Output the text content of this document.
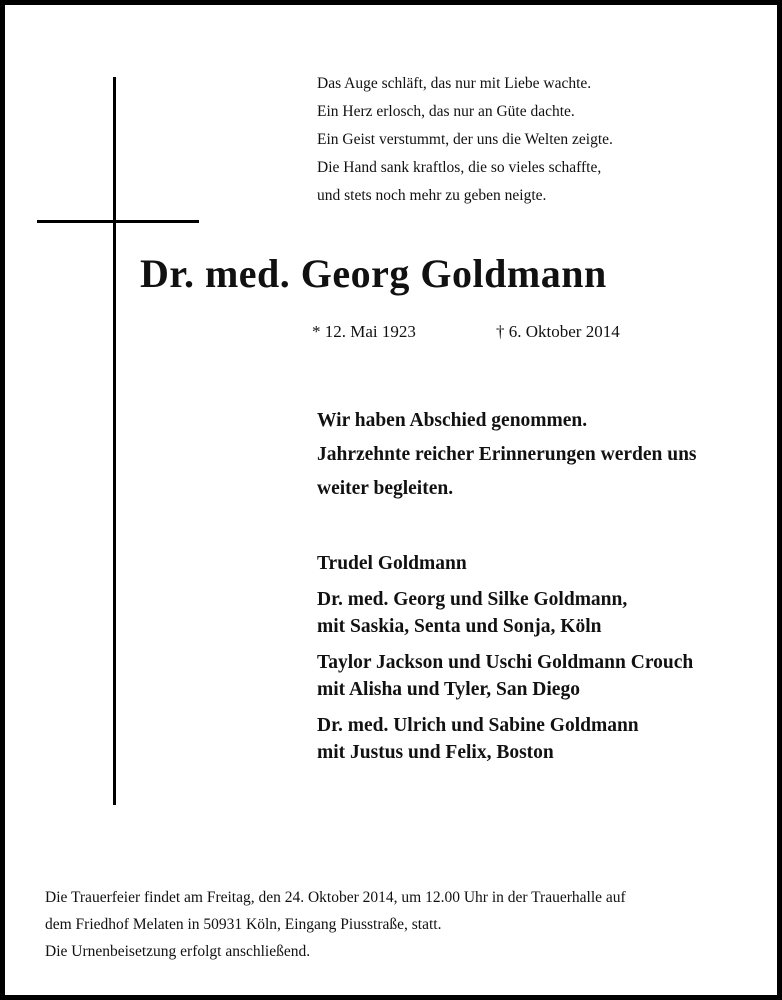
Das Auge schläft, das nur mit Liebe wachte.
Ein Herz erlosch, das nur an Güte dachte.
Ein Geist verstummt, der uns die Welten zeigte.
Die Hand sank kraftlos, die so vieles schaffte,
und stets noch mehr zu geben neigte.
Dr. med. Georg Goldmann
* 12. Mai 1923	† 6. Oktober 2014
Wir haben Abschied genommen.
Jahrzehnte reicher Erinnerungen werden uns
weiter begleiten.
Trudel Goldmann
Dr. med. Georg und Silke Goldmann,
mit Saskia, Senta und Sonja, Köln
Taylor Jackson und Uschi Goldmann Crouch
mit Alisha und Tyler, San Diego
Dr. med. Ulrich und Sabine Goldmann
mit Justus und Felix, Boston
Die Trauerfeier findet am Freitag, den 24. Oktober 2014, um 12.00 Uhr in der Trauerhalle auf
dem Friedhof Melaten in 50931 Köln, Eingang Piusstraße, statt.
Die Urnenbeisetzung erfolgt anschließend.
